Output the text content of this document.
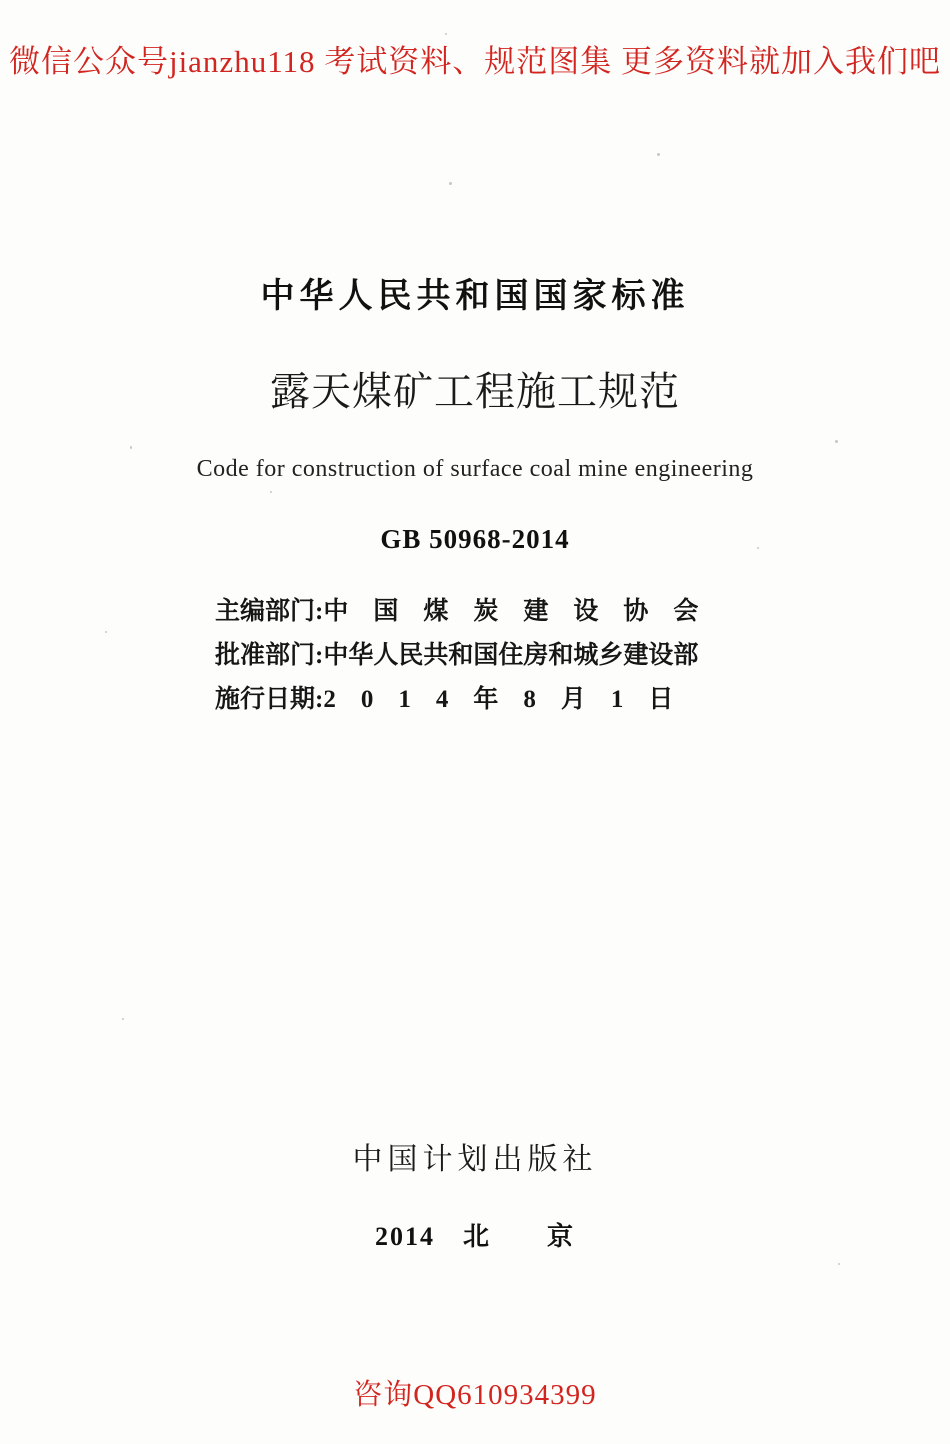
微信公众号jianzhu118 考试资料、规范图集 更多资料就加入我们吧
中华人民共和国国家标准
露天煤矿工程施工规范
Code for construction of surface coal mine engineering
GB 50968-2014
主编部门: 中　国　煤　炭　建　设　协　会
批准部门: 中华人民共和国住房和城乡建设部
施行日期: 2　0　1　4　年　8　月　1　日
中国计划出版社
2014　北　　京
咨询QQ610934399
